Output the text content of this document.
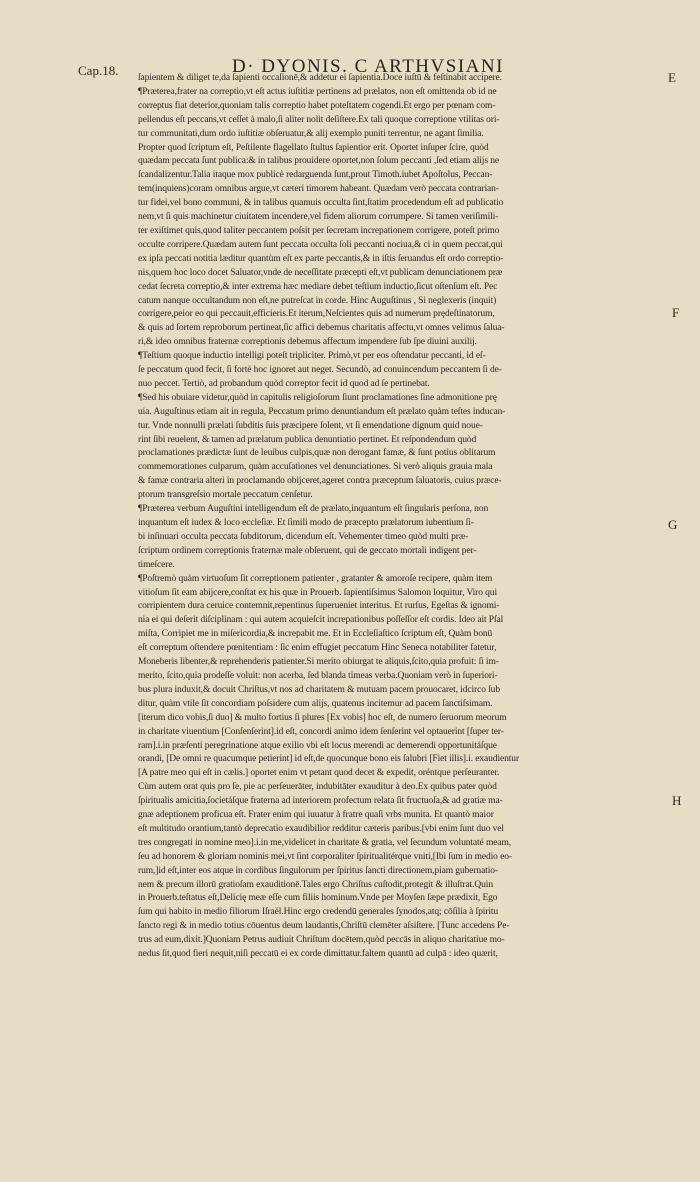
Cap.18.	D· DYONIS. C ARTHVSIANI
E
F
G
H
ſapientem & diliget te,da ſapienti occaſionē,& addetur ei ſapientia.Doce iuſtū & feſtinabit accipere.
¶Præterea,frater na correptio,vt eſt actus iuſtitiæ pertinens ad prælatos, non eſt omittenda ob id ne
correptus fiat deterior,quoniam talis correptio habet poteſtatem cogendi.Et ergo per pœnam com-
pellendus eſt peccans,vt ceſſet à malo,ſi aliter nolit deſiſtere.Ex tali quoque correptione vtilitas ori-
tur communitati,dum ordo iuſtitiæ obſeruatur,& alij exemplo puniti terrentur, ne agant ſimilia.
Propter quod ſcriptum eſt, Peſtilente flagellato ſtultus ſapientior erit. Oportet inſuper ſcire, quòd
quædam peccata ſunt publica:& in talibus prouidere oportet,non ſolum peccanti ,ſed etiam alijs ne
ſcandalizentur.Talia itaque mox publicè redarguenda ſunt,prout Timoth.iubet Apoſtolus, Peccan-
tem(inquiens)coram omnibus argue,vt cæteri timorem habeant. Quædam verò peccata contrarian-
tur fidei,vel bono communi, & in talibus quamuis occulta ſint,ſtatim procedendum eſt ad publicatio
nem,vt ſi quis machinetur ciuitatem incendere,vel fidem aliorum corrumpere. Si tamen veriſimili-
ter exiſtimet quis,quod taliter peccantem poſsit per ſecretam increpationem corrigere, poteſt primo
occulte corripere.Quædam autem ſunt peccata occulta ſoli peccanti nociua,& ci in quem peccat,qui
ex ipſa peccati notitia læditur quantùm eſt ex parte peccantis,& in iſtis ſeruandus eſt ordo correptio-
nis,quem hoc loco docet Saluator,vnde de neceſſitate præcepti eſt,vt publicam denunciationem præ
cedat ſecreta correptio,& inter extrema hæc mediare debet teſtium inductio,ſicut oſtenſum eſt. Pec
catum nanque occultandum non eſt,ne putreſcat in corde. Hinc Auguſtinus , Si neglexeris (inquit)
corrigere,peior eo qui peccauit,efficieris.Et iterum,Neſcientes quis ad numerum prędeſtinatorum,
& quis ad ſortem reproborum pertineat,ſic affici debemus charitatis affectu,vt omnes velimus ſalua-
ri,& ideo omnibus fraternæ correptionis debemus affectum impendere ſub ſpe diuini auxilij.
¶Teſtium quoque inductio intelligi poteſt tripliciter. Primò,vt per eos oſtendatur peccanti, id eſ-
ſe peccatum quod fecit, ſi fortè hoc ignoret aut neget. Secundò, ad conuincendum peccantem ſi de-
nuo peccet. Tertiò, ad probandum quòd correptor fecit id quod ad ſe pertinebat.
¶Sed his obuiare videtur,quòd in capitulis religioſorum ſiunt proclamationes ſine admonitione prę
uia. Auguſtinus etiam ait in regula, Peccatum primo denuntiandum eſt prælato quàm teſtes inducan-
tur. Vnde nonnulli prælati ſubditis ſuis præcipere ſolent, vt ſi emendatione dignum quid noue-
rint ſibi reuelent, & tamen ad prælatum publica denuntiatio pertinet. Et reſpondendum quòd
proclamationes prædictæ ſunt de leuibus culpis,quæ non derogant famæ, & ſunt potius oblitarum
commemorationes culparum, quàm accuſationes vel denunciationes. Si verò aliquis grauia mala
& famæ contraria alteri in proclamando obijceret,ageret contra præceptum ſaluatoris, cuius præce-
ptorum transgreſsio mortale peccatum cenſetur.
¶Præterea verbum Auguſtini intelligendum eſt de prælato,inquantum eſt ſingularis perſona, non
inquantum eſt iudex & loco eccleſiæ. Et ſimili modo de præcepto prælatorum iubentium ſi-
bi inſinuari occulta peccata ſubditorum, dicendum eſt. Vehementer timeo quòd multi præ-
ſcriptum ordinem correptionis fraternæ male obſeruent, qui de geccato mortali indigent per-
timeſcere.
¶Poſtremò quàm virtuoſum ſit correptionem patienter , gratanter & amoroſe recipere, quàm item
vitioſum ſit eam abijcere,conſtat ex his quæ in Prouerb. ſapientiſsimus Salomon loquitur, Viro qui
corripientem dura ceruice contemnit,repentinus ſuperueniet interitus. Et rurſus, Egeſtas & ignomi-
nia ei qui deſerit diſciplinam : qui autem acquieſcit increpationibus poſſeſſor eſt cordis. Ideo ait Pſal
miſta, Corripiet me in miſericordia,& increpabit me. Et in Eccleſiaſtico ſcriptum eſt, Quàm bonū
eſt correptum oſtendere pœnitentiam : ſic enim effugiet peccatum Hinc Seneca notabiliter fatetur,
Moneberis libenter,& reprehenderis patienter.Si merito obiurgat te aliquis,ſcito,quia profuit: ſi im-
merito, ſcito,quia prodeſſe voluit: non acerba, ſed blanda timeas verba.Quoniam verò in ſuperiori-
bus plura induxit,& docuit Chriſtus,vt nos ad charitatem & mutuam pacem prouocaret, idcirco ſub
ditur, quàm vtile ſit concordiam poſsidere cum alijs, quatenus incitemur ad pacem ſanctiſsimam.
[iterum dico vobis,ſi duo] & multo fortius ſi plures [Ex vobis] hoc eſt, de numero ſeruorum meorum
in charitate viuentium [Conſenſerint].id eſt, concordi animo idem ſenſerint vel optauerint [ſuper ter-
ram].i.in præſenti peregrinatione atque exilio vbi eſt locus merendi ac demerendi opportunitáſque
orandi, [De omni re quacumque petierint] id eſt,de quocunque bono eis ſalubri [Fiet illis].i. exaudientur
[A patre meo qui eſt in cælis.] oportet enim vt petant quod decet & expedit, oréntque perſeuranter.
Cùm autem orat quis pro ſe, pie ac perſeuerāter, indubitāter exauditur à deo.Ex quibus pater quòd
ſpiritualis amicitia,ſocietáſque fraterna ad interiorem profectum relata ſit fructuoſa,& ad gratiæ ma-
gnæ adeptionem proficua eſt. Frater enim qui iuuatur à fratre quaſi vrbs munita. Et quantò maior
eſt multitudo orantium,tantò deprecatio exaudibilior redditur cæteris paribus.[vbi enim ſunt duo vel
tres congregati in nomine meo].i.in me,videlicet in charitate & gratia, vel ſecundum voluntaté meam,
ſeu ad honorem & gloriam nominis mei,vt ſint corporaliter ſpiritualitérque vniti,[Ibi ſum in medio eo-
rum,]id eſt,inter eos atque in cordibus ſingulorum per ſpiritus ſancti directionem,piam gubernatio-
nem & precum illorū gratioſam exauditionē.Tales ergo Chriſtus cuſtodit,protegit & illuſtrat.Quin
in Prouerb.teſtatus eſt,Delicię meæ eſſe cum filiis hominum.Vnde per Moyſen ſæpe prædixit, Ego
ſum qui habito in medio filiorum Iſraël.Hinc ergo credendū generales ſynodos,atq; cōſilia à ſpiritu
ſancto regi & in medio totius cōuentus deum laudantis,Chriſtū clemēter aſsiſtere. [Tunc accedens Pe-
trus ad eum,dixit.]Quoniam Petrus audiuit Chriſtum docētem,quòd peccās in aliquo charitatiue mo-
nedus ſit,quod fieri nequit,niſi peccatū ei ex corde dimittatur.faltem quantū ad culpā : ideo quærit,
